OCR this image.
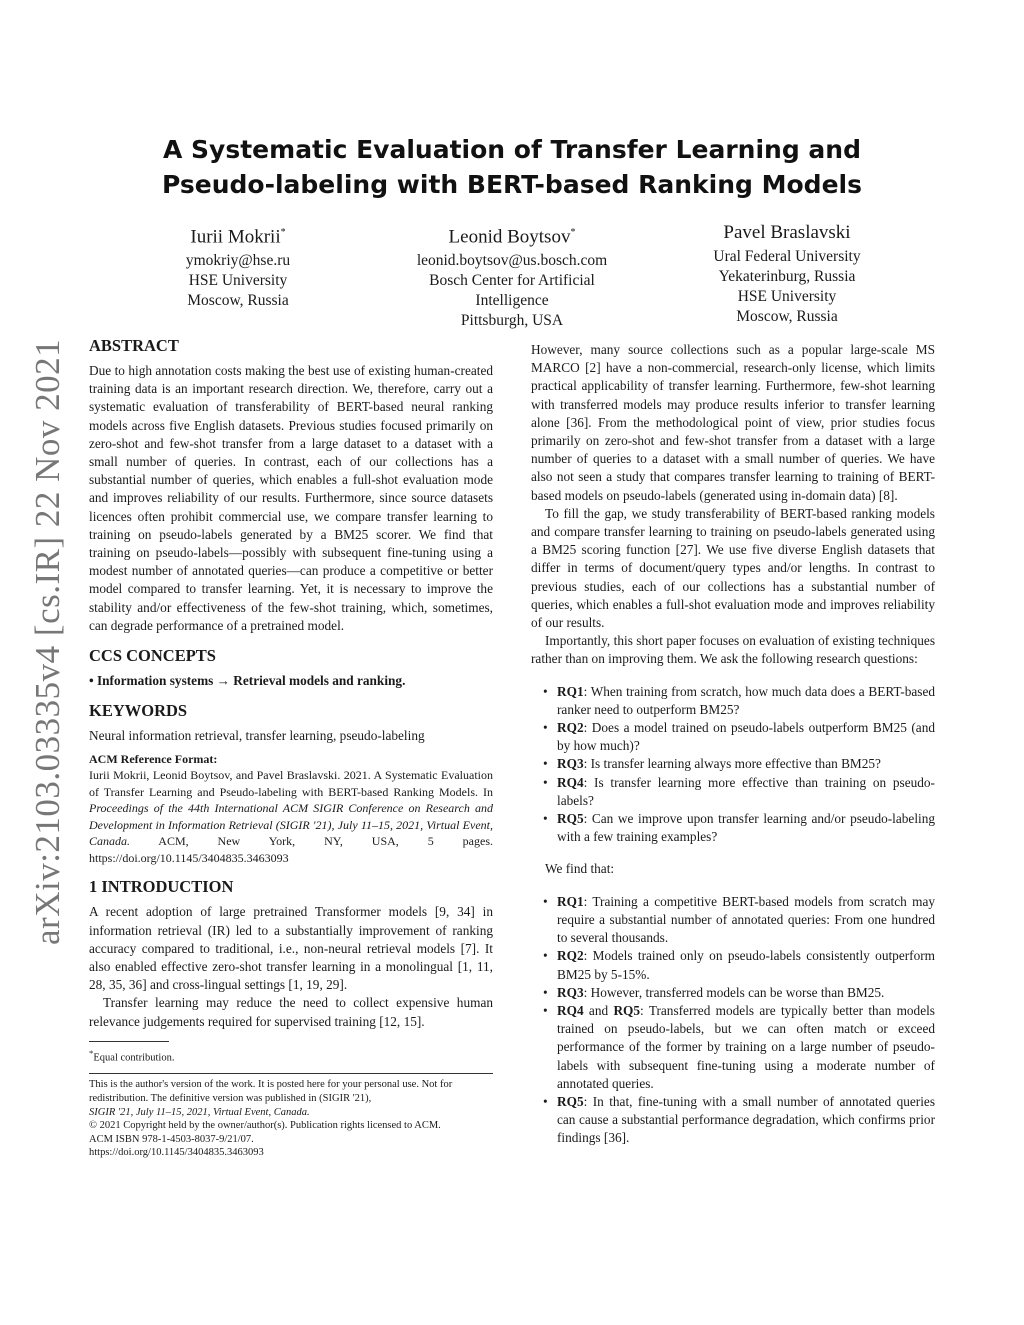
arXiv:2103.03335v4 [cs.IR] 22 Nov 2021
A Systematic Evaluation of Transfer Learning and Pseudo-labeling with BERT-based Ranking Models
Iurii Mokrii*
ymokriy@hse.ru
HSE University
Moscow, Russia
Leonid Boytsov*
leonid.boytsov@us.bosch.com
Bosch Center for Artificial
Intelligence
Pittsburgh, USA
Pavel Braslavski
Ural Federal University
Yekaterinburg, Russia
HSE University
Moscow, Russia
ABSTRACT

Due to high annotation costs making the best use of existing human-created training data is an important research direction. We, therefore, carry out a systematic evaluation of transferability of BERT-based neural ranking models across five English datasets. Previous studies focused primarily on zero-shot and few-shot transfer from a large dataset to a dataset with a small number of queries. In contrast, each of our collections has a substantial number of queries, which enables a full-shot evaluation mode and improves reliability of our results. Furthermore, since source datasets licences often prohibit commercial use, we compare transfer learning to training on pseudo-labels generated by a BM25 scorer. We find that training on pseudo-labels—possibly with subsequent fine-tuning using a modest number of annotated queries—can produce a competitive or better model compared to transfer learning. Yet, it is necessary to improve the stability and/or effectiveness of the few-shot training, which, sometimes, can degrade performance of a pretrained model.

CCS CONCEPTS

• Information systems → Retrieval models and ranking.

KEYWORDS

Neural information retrieval, transfer learning, pseudo-labeling

ACM Reference Format:

Iurii Mokrii, Leonid Boytsov, and Pavel Braslavski. 2021. A Systematic Evaluation of Transfer Learning and Pseudo-labeling with BERT-based Ranking Models. In Proceedings of the 44th International ACM SIGIR Conference on Research and Development in Information Retrieval (SIGIR '21), July 11–15, 2021, Virtual Event, Canada. ACM, New York, NY, USA, 5 pages. https://doi.org/10.1145/3404835.3463093

1 INTRODUCTION

A recent adoption of large pretrained Transformer models [9, 34] in information retrieval (IR) led to a substantially improvement of ranking accuracy compared to traditional, i.e., non-neural retrieval models [7]. It also enabled effective zero-shot transfer learning in a monolingual [1, 11, 28, 35, 36] and cross-lingual settings [1, 19, 29].

Transfer learning may reduce the need to collect expensive human relevance judgements required for supervised training [12, 15].

*Equal contribution.

This is the author's version of the work. It is posted here for your personal use. Not for redistribution. The definitive version was published in (SIGIR '21),

SIGIR '21, July 11–15, 2021, Virtual Event, Canada.

© 2021 Copyright held by the owner/author(s). Publication rights licensed to ACM.

ACM ISBN 978-1-4503-8037-9/21/07.

https://doi.org/10.1145/3404835.3463093

However, many source collections such as a popular large-scale MS MARCO [2] have a non-commercial, research-only license, which limits practical applicability of transfer learning. Furthermore, few-shot learning with transferred models may produce results inferior to transfer learning alone [36]. From the methodological point of view, prior studies focus primarily on zero-shot and few-shot transfer from a dataset with a large number of queries to a dataset with a small number of queries. We have also not seen a study that compares transfer learning to training of BERT-based models on pseudo-labels (generated using in-domain data) [8].

To fill the gap, we study transferability of BERT-based ranking models and compare transfer learning to training on pseudo-labels generated using a BM25 scoring function [27]. We use five diverse English datasets that differ in terms of document/query types and/or lengths. In contrast to previous studies, each of our collections has a substantial number of queries, which enables a full-shot evaluation mode and improves reliability of our results.

Importantly, this short paper focuses on evaluation of existing techniques rather than on improving them. We ask the following research questions:

• RQ1: When training from scratch, how much data does a BERT-based ranker need to outperform BM25?
• RQ2: Does a model trained on pseudo-labels outperform BM25 (and by how much)?
• RQ3: Is transfer learning always more effective than BM25?
• RQ4: Is transfer learning more effective than training on pseudo-labels?
• RQ5: Can we improve upon transfer learning and/or pseudo-labeling with a few training examples?

We find that:

• RQ1: Training a competitive BERT-based models from scratch may require a substantial number of annotated queries: From one hundred to several thousands.
• RQ2: Models trained only on pseudo-labels consistently outperform BM25 by 5-15%.
• RQ3: However, transferred models can be worse than BM25.
• RQ4 and RQ5: Transferred models are typically better than models trained on pseudo-labels, but we can often match or exceed performance of the former by training on a large number of pseudo-labels with subsequent fine-tuning using a moderate number of annotated queries.
• RQ5: In that, fine-tuning with a small number of annotated queries can cause a substantial performance degradation, which confirms prior findings [36].
